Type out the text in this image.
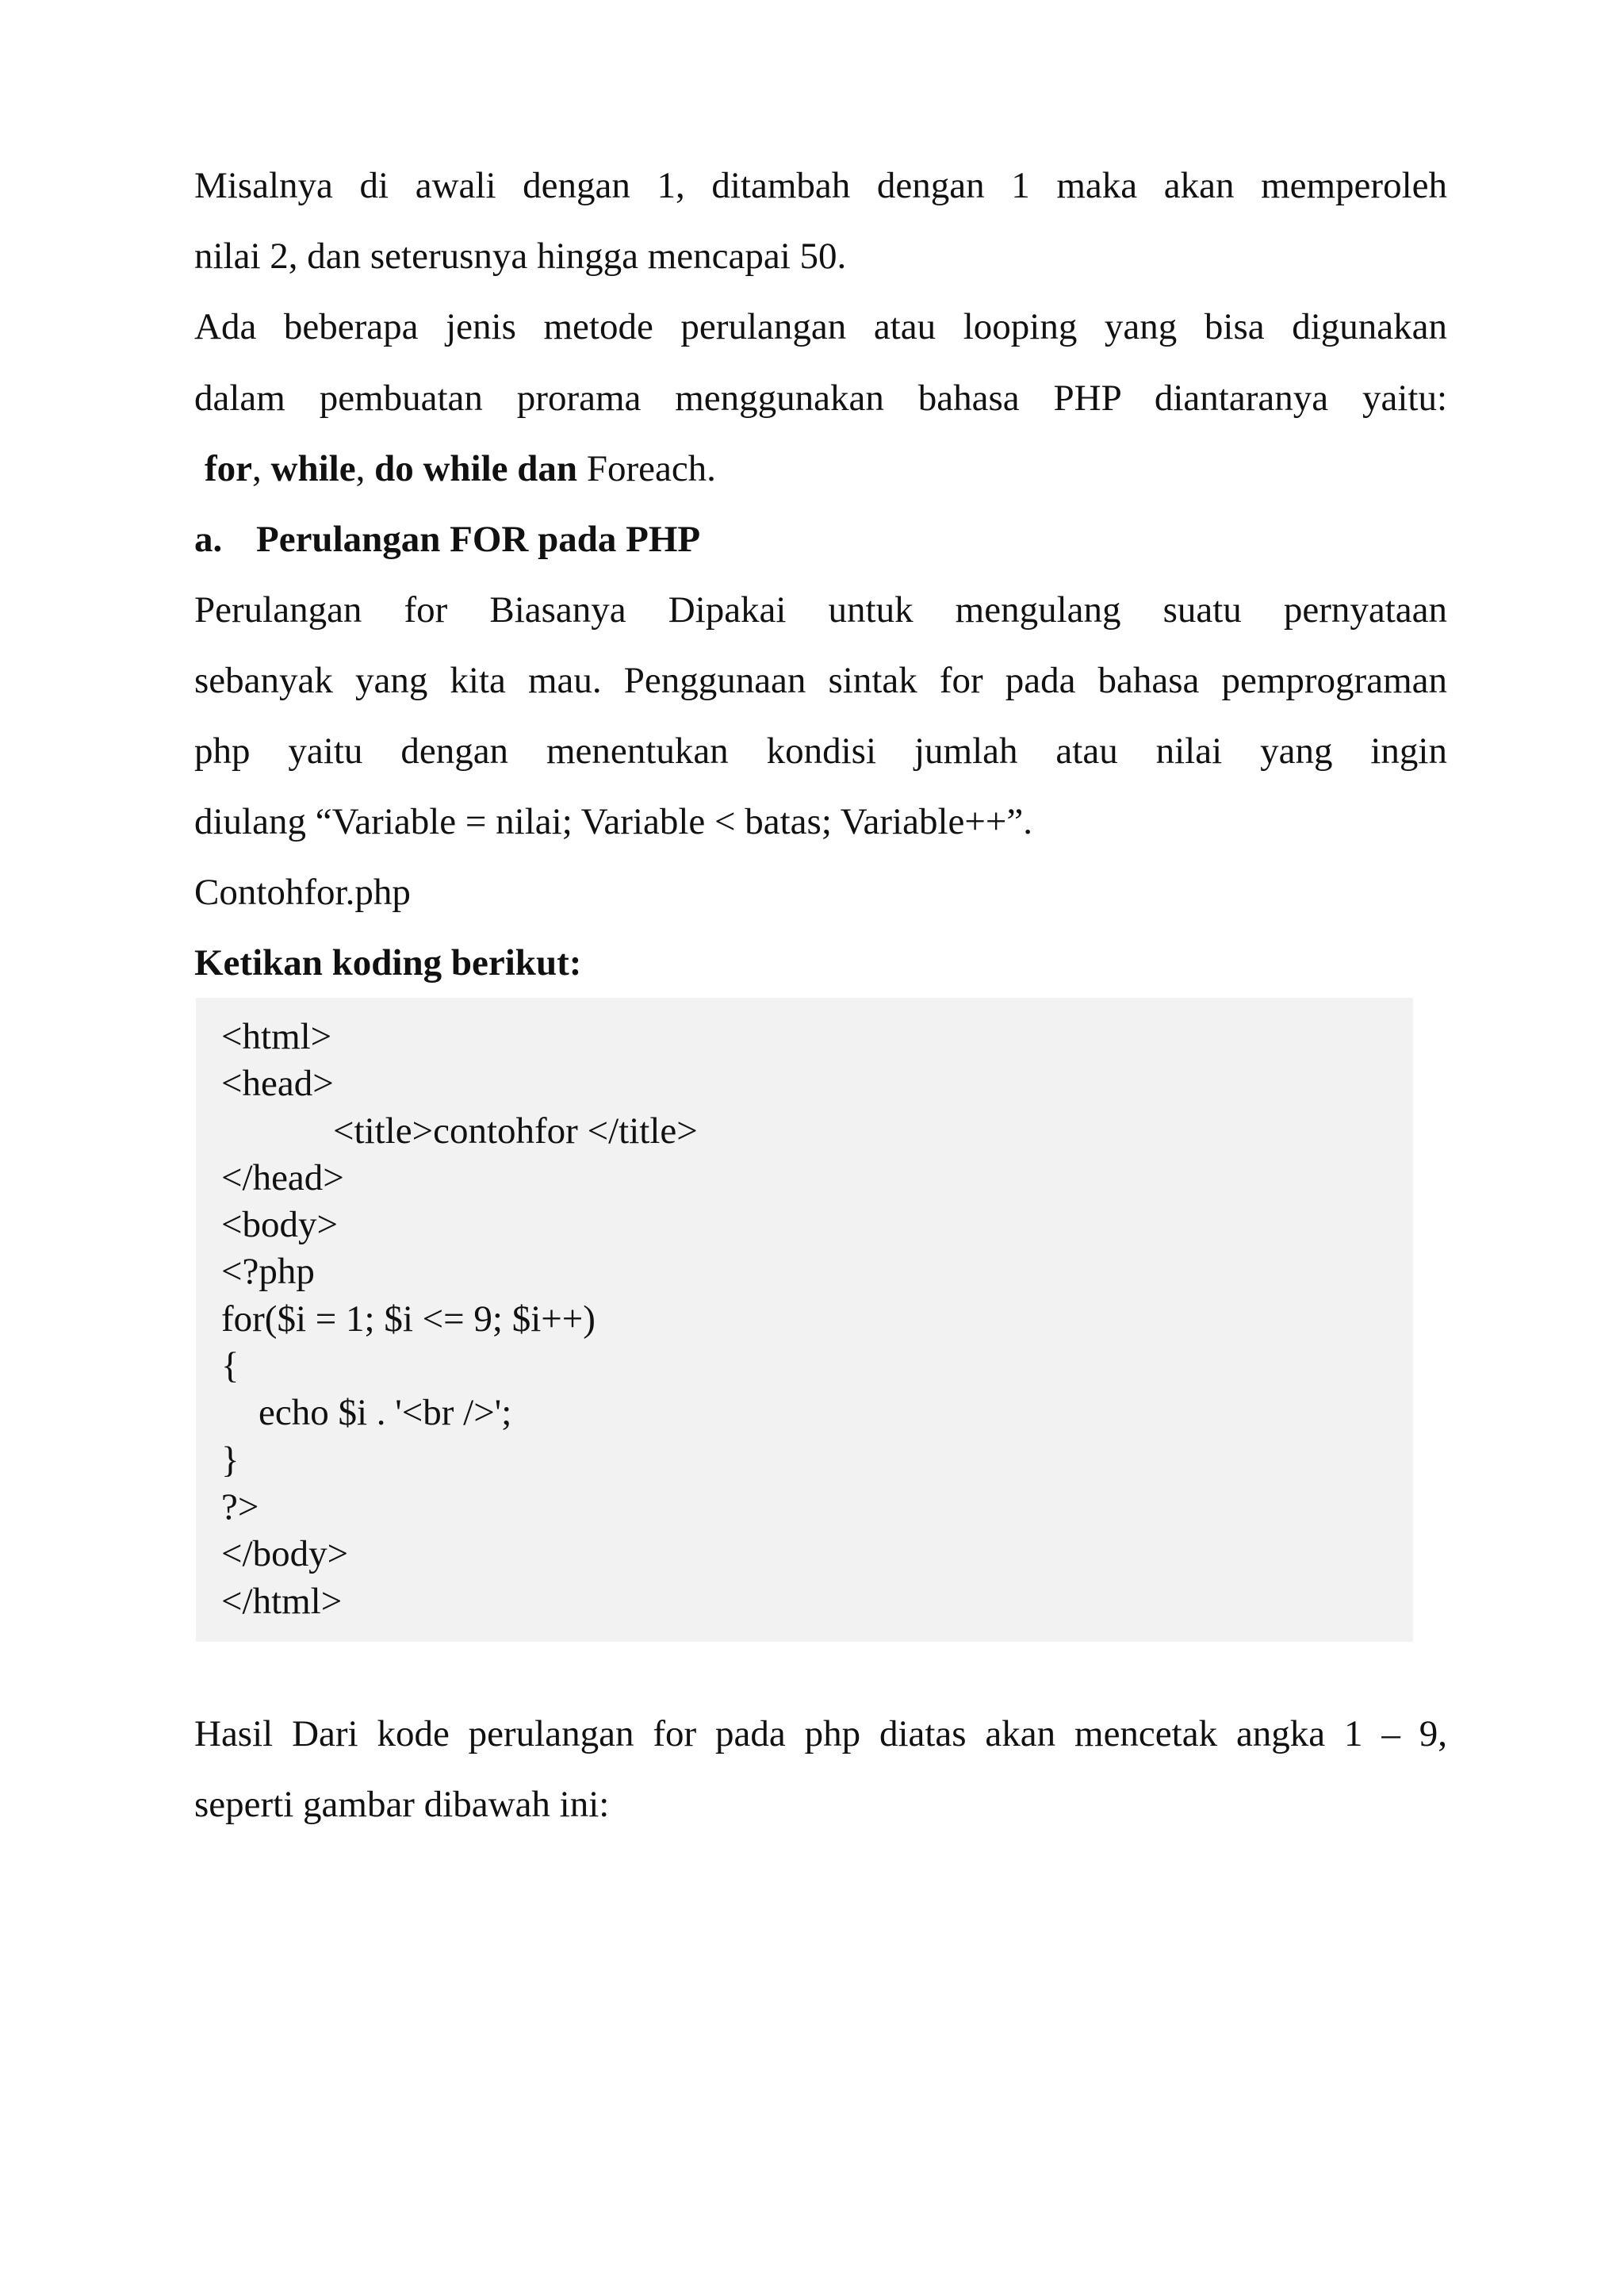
Misalnya di awali dengan 1, ditambah dengan 1 maka akan memperoleh

nilai 2, dan seterusnya hingga mencapai 50.

Ada beberapa jenis metode perulangan atau looping yang bisa digunakan

dalam pembuatan prorama menggunakan bahasa PHP diantaranya yaitu:

for, while, do while dan Foreach.

a. Perulangan FOR pada PHP

Perulangan for Biasanya Dipakai untuk mengulang suatu pernyataan

sebanyak yang kita mau. Penggunaan sintak for pada bahasa pemprograman

php yaitu dengan menentukan kondisi jumlah atau nilai yang ingin

diulang “Variable = nilai; Variable < batas; Variable++”.

Contohfor.php

Ketikan koding berikut:

<html>
<head>
<title>contohfor </title>
</head>
<body>
<?php
for($i = 1; $i <= 9; $i++)
{
echo $i . '<br />';
}
?>
</body>
</html>

Hasil Dari kode perulangan for pada php diatas akan mencetak angka 1 – 9,

seperti gambar dibawah ini:
